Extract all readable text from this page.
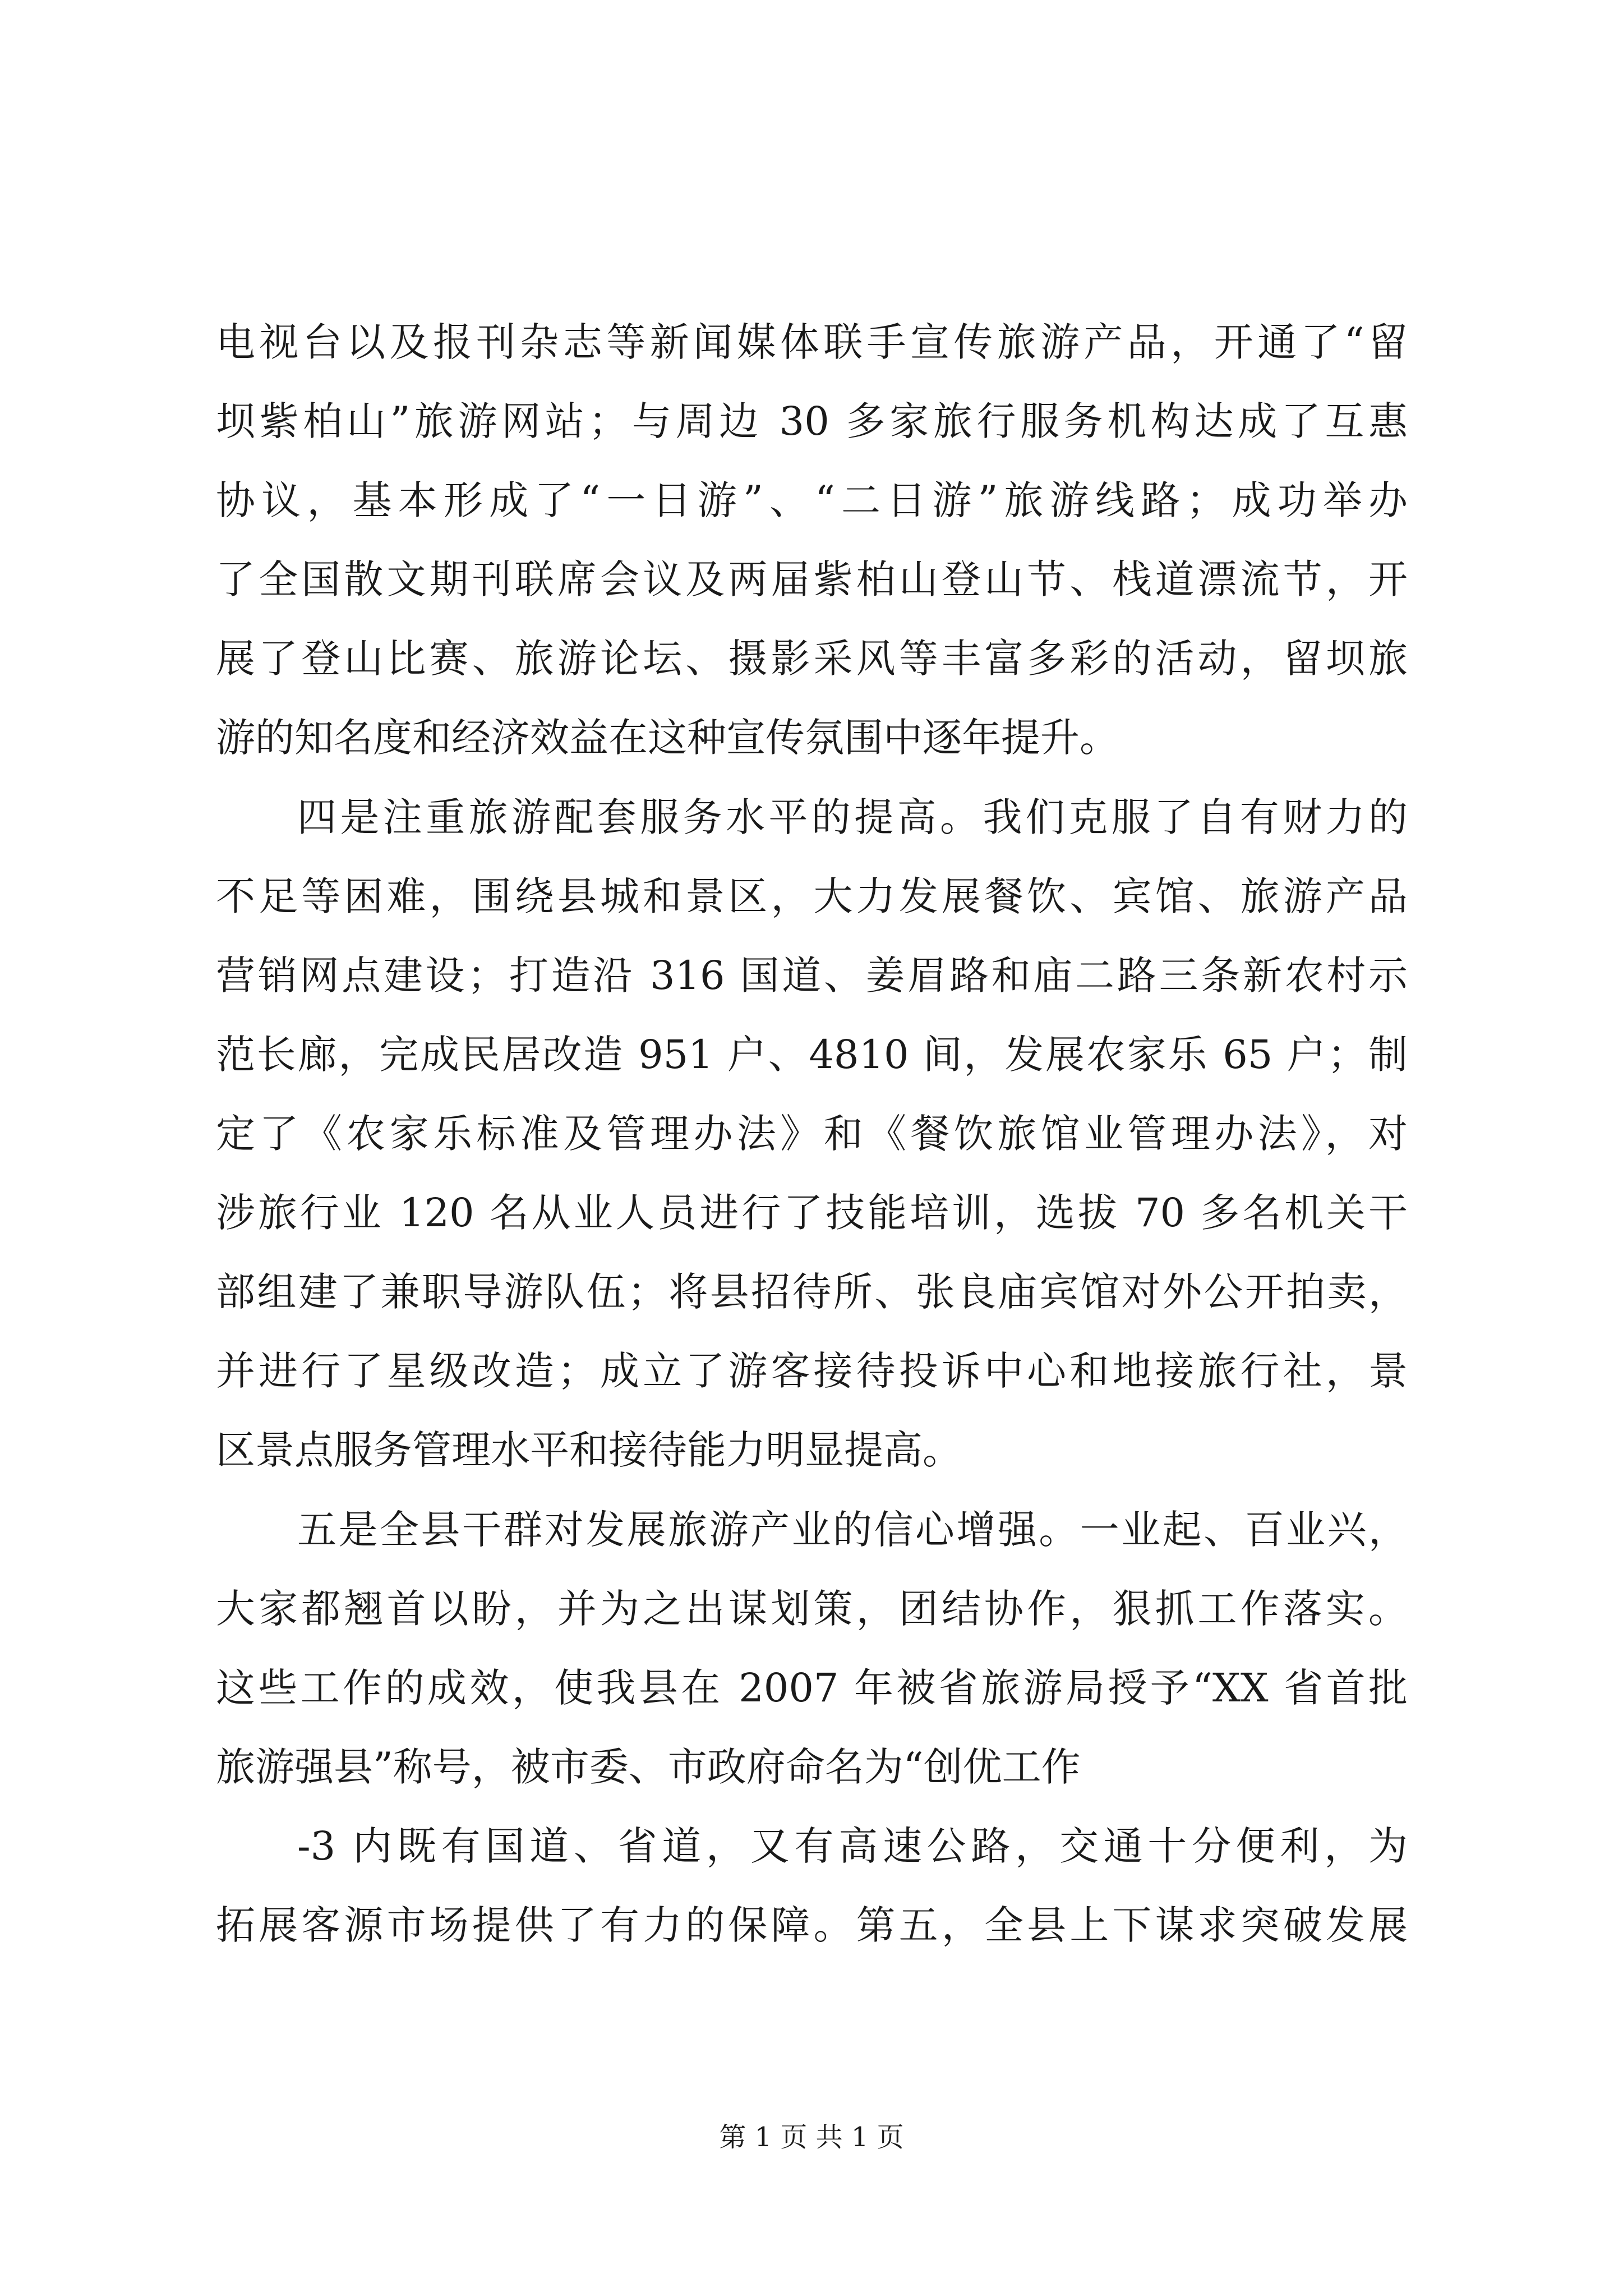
电视台以及报刊杂志等新闻媒体联手宣传旅游产品，开通了“留
坝紫柏山”旅游网站；与周边 30 多家旅行服务机构达成了互惠
协议，基本形成了“一日游”、“二日游”旅游线路；成功举办
了全国散文期刊联席会议及两届紫柏山登山节、栈道漂流节，开
展了登山比赛、旅游论坛、摄影采风等丰富多彩的活动，留坝旅
游的知名度和经济效益在这种宣传氛围中逐年提升。
四是注重旅游配套服务水平的提高。我们克服了自有财力的
不足等困难，围绕县城和景区，大力发展餐饮、宾馆、旅游产品
营销网点建设；打造沿 316 国道、姜眉路和庙二路三条新农村示
范长廊，完成民居改造 951 户、4810 间，发展农家乐 65 户；制
定了《农家乐标准及管理办法》和《餐饮旅馆业管理办法》，对
涉旅行业 120 名从业人员进行了技能培训，选拔 70 多名机关干
部组建了兼职导游队伍；将县招待所、张良庙宾馆对外公开拍卖，
并进行了星级改造；成立了游客接待投诉中心和地接旅行社，景
区景点服务管理水平和接待能力明显提高。
五是全县干群对发展旅游产业的信心增强。一业起、百业兴，
大家都翘首以盼，并为之出谋划策，团结协作，狠抓工作落实。
这些工作的成效，使我县在 2007 年被省旅游局授予“XX 省首批
旅游强县”称号，被市委、市政府命名为“创优工作
-3 内既有国道、省道，又有高速公路，交通十分便利，为
拓展客源市场提供了有力的保障。第五，全县上下谋求突破发展
第 1 页 共 1 页
